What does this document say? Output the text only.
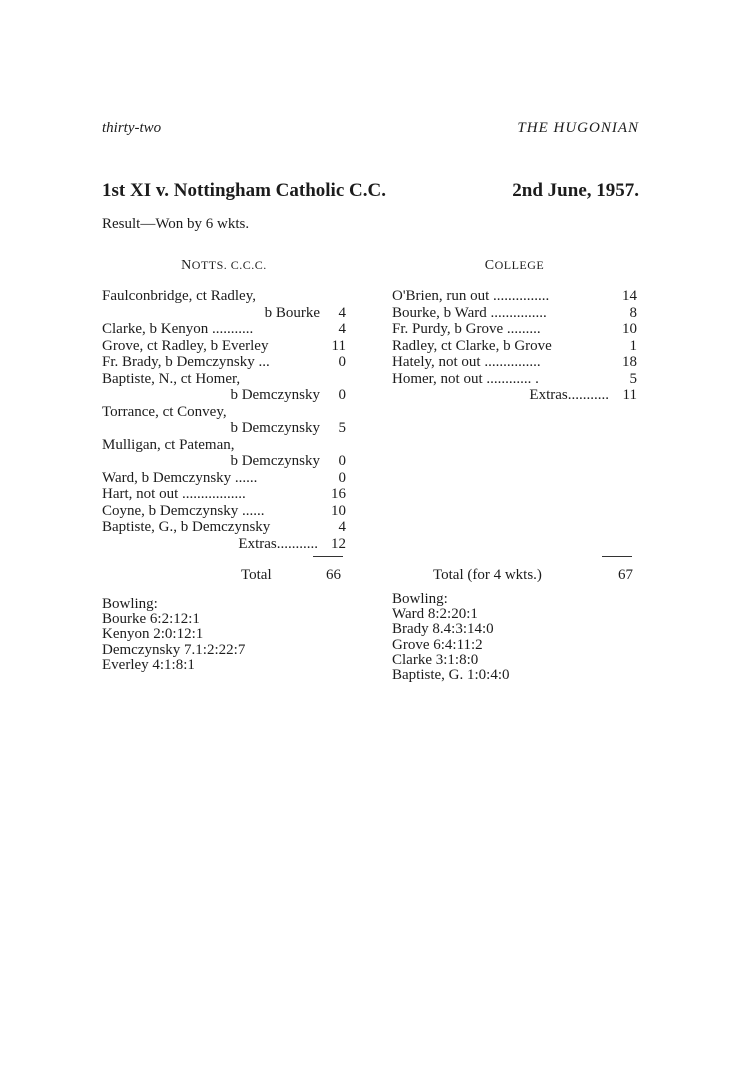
thirty-two	THE HUGONIAN
1st XI v. Nottingham Catholic C.C.	2nd June, 1957.
Result—Won by 6 wkts.
NOTTS. C.C.C.
Faulconbridge, ct Radley,
b Bourke 4
Clarke, b Kenyon ...........	4
Grove, ct Radley, b Everley	11
Fr. Brady, b Demczynsky ...	0
Baptiste, N., ct Homer,
b Demczynsky 0
Torrance, ct Convey,
b Demczynsky 5
Mulligan, ct Pateman,
b Demczynsky 0
Ward, b Demczynsky ......	0
Hart, not out .................	16
Coyne, b Demczynsky ......	10
Baptiste, G., b Demczynsky	4
Extras........... 12
COLLEGE
O'Brien, run out ...............	14
Bourke, b Ward ...............	8
Fr. Purdy, b Grove .........	10
Radley, ct Clarke, b Grove	1
Hately, not out ...............	18
Homer, not out ............ .	5
Extras........... 11
Total	66	Total (for 4 wkts.)	67
Bowling:
Bourke 6:2:12:1
Kenyon 2:0:12:1
Demczynsky 7.1:2:22:7
Everley 4:1:8:1
Bowling:
Ward 8:2:20:1
Brady 8.4:3:14:0
Grove 6:4:11:2
Clarke 3:1:8:0
Baptiste, G. 1:0:4:0
